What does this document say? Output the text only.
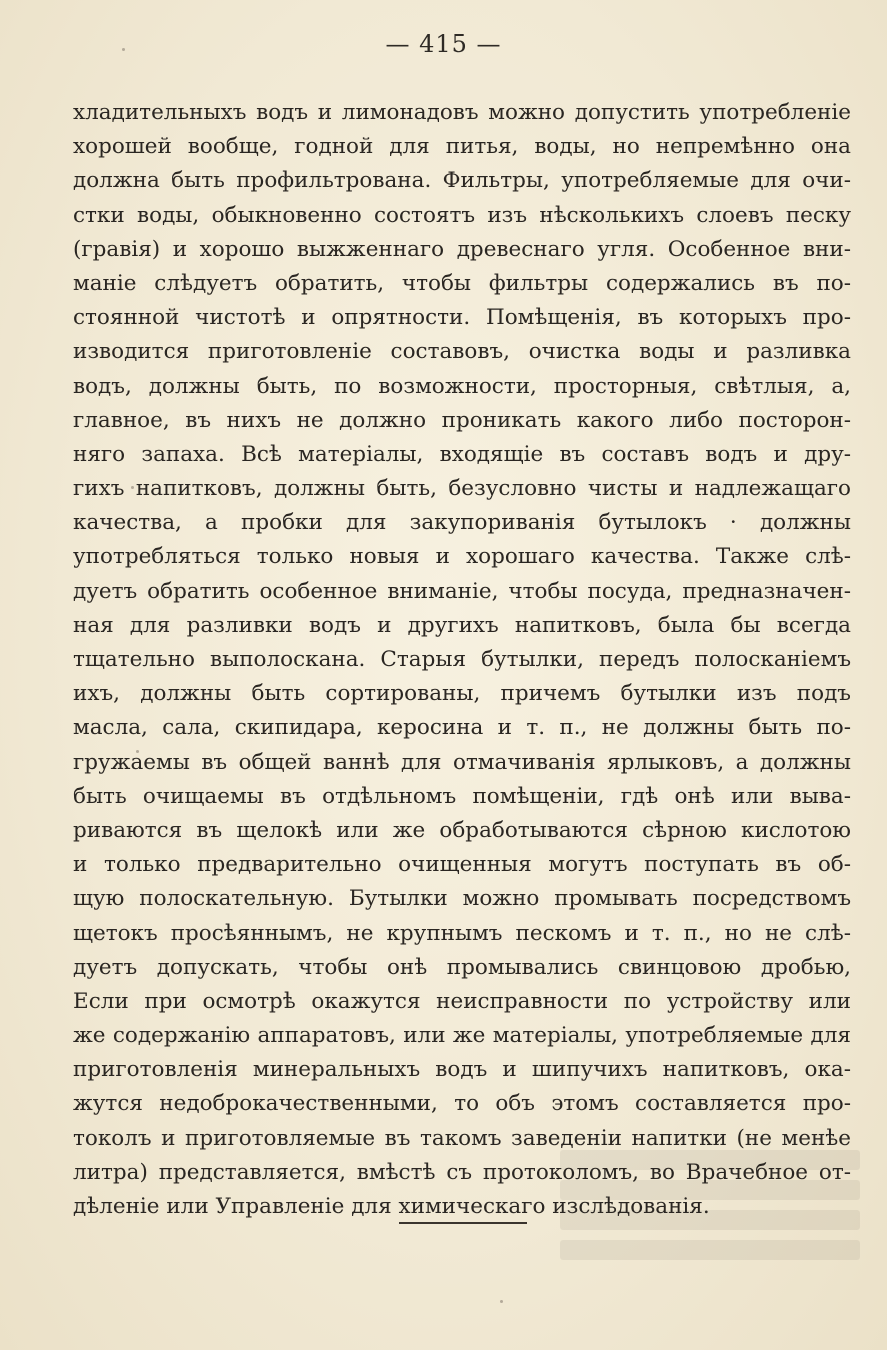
— 415 —
хладительныхъ водъ и лимонадовъ можно допустить употребленіе
хорошей вообще, годной для питья, воды, но непремѣнно она
должна быть профильтрована. Фильтры, употребляемые для очи-
стки воды, обыкновенно состоятъ изъ нѣсколькихъ слоевъ песку
(гравія) и хорошо выжженнаго древеснаго угля. Особенное вни-
маніе слѣдуетъ обратить, чтобы фильтры содержались въ по-
стоянной чистотѣ и опрятности. Помѣщенія, въ которыхъ про-
изводится приготовленіе составовъ, очистка воды и разливка
водъ, должны быть, по возможности, просторныя, свѣтлыя, а,
главное, въ нихъ не должно проникать какого либо посторон-
няго запаха. Всѣ матеріалы, входящіе въ составъ водъ и дру-
гихъ напитковъ, должны быть, безусловно чисты и надлежащаго
качества, а пробки для закупориванія бутылокъ · должны
употребляться только новыя и хорошаго качества. Также слѣ-
дуетъ обратить особенное вниманіе, чтобы посуда, предназначен-
ная для разливки водъ и другихъ напитковъ, была бы всегда
тщательно выполоскана. Старыя бутылки, передъ полосканіемъ
ихъ, должны быть сортированы, причемъ бутылки изъ подъ
масла, сала, скипидара, керосина и т. п., не должны быть по-
гружаемы въ общей ваннѣ для отмачиванія ярлыковъ, а должны
быть очищаемы въ отдѣльномъ помѣщеніи, гдѣ онѣ или выва-
риваются въ щелокѣ или же обработываются сѣрною кислотою
и только предварительно очищенныя могутъ поступать въ об-
щую полоскательную. Бутылки можно промывать посредствомъ
щетокъ просѣяннымъ, не крупнымъ пескомъ и т. п., но не слѣ-
дуетъ допускать, чтобы онѣ промывались свинцовою дробью,
Если при осмотрѣ окажутся неисправности по устройству или
же содержанію аппаратовъ, или же матеріалы, употребляемые для
приготовленія минеральныхъ водъ и шипучихъ напитковъ, ока-
жутся недоброкачественными, то объ этомъ составляется про-
токолъ и приготовляемые въ такомъ заведеніи напитки (не менѣе
литра) представляется, вмѣстѣ съ протоколомъ, во Врачебное от-
дѣленіе или Управленіе для химическаго изслѣдованія.
